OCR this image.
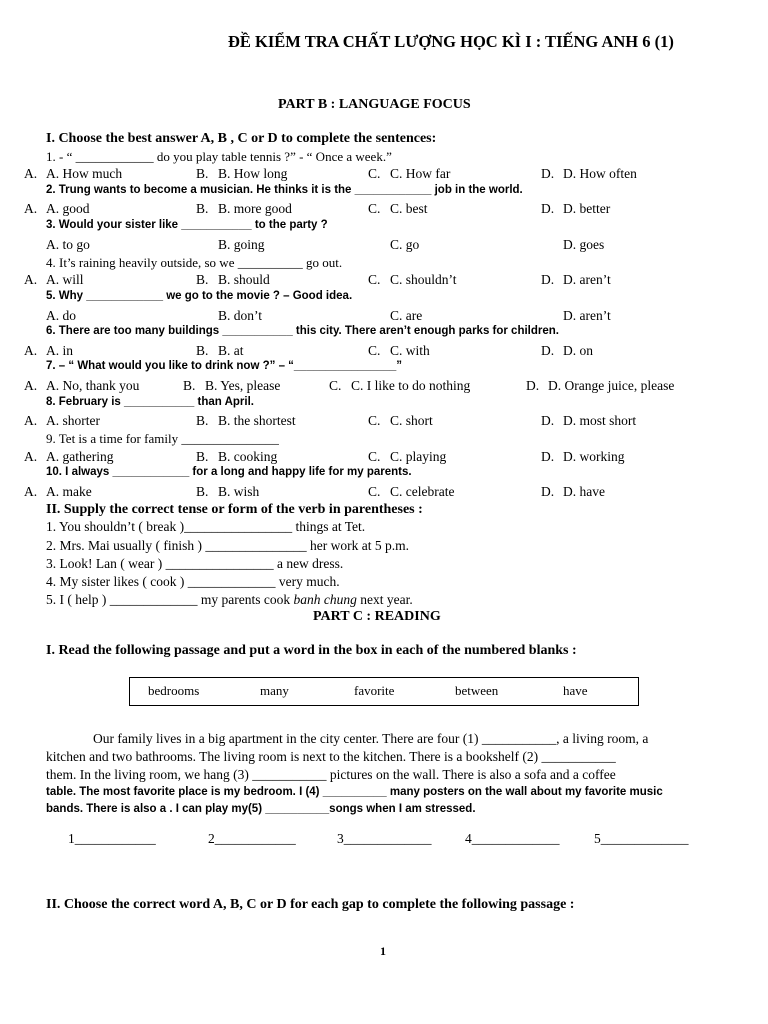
ĐỀ KIỂM TRA CHẤT LƯỢNG HỌC KÌ I : TIẾNG ANH 6 (1)
PART B : LANGUAGE FOCUS
I. Choose the best answer A, B , C or D to complete the sentences:
1. - “ ____________ do you play table tennis ?” - “ Once a week.”
A. A. How much	B. B. How long	C. C. How far	D. D. How often
2. Trung wants to become a musician. He thinks it is the ____________ job in the world.
A. A. good	B. B. more good	C. C. best	D. D. better
3. Would your sister like ___________ to the party ?
A. to go	B. going	C. go	D. goes
4. It’s raining heavily outside, so we __________ go out.
A. A. will	B. B. should	C. C. shouldn’t	D. D. aren’t
5. Why ____________ we go to the movie ? – Good idea.
A. do	B. don’t	C. are	D. aren’t
6. There are too many buildings ___________ this city. There aren’t enough parks for children.
A. A. in	B. B. at	C. C. with	D. D. on
7. – “ What would you like to drink now ?” – “________________”
A. A. No, thank you	B. B. Yes, please	C. C. I like to do nothing	D. D. Orange juice, please
8. February is ___________ than April.
A. A. shorter	B. B. the shortest	C. C. short	D. D. most short
9. Tet is a time for family _______________
A. A. gathering	B. B. cooking	C. C. playing	D. D. working
10. I always ____________ for a long and happy life for my parents.
A. A. make	B. B. wish	C. C. celebrate	D. D. have
II. Supply the correct tense or form of the verb in parentheses :
1. You shouldn’t ( break )________________ things at Tet.
2. Mrs. Mai usually ( finish ) _______________ her work at 5 p.m.
3. Look! Lan ( wear ) ________________ a new dress.
4. My sister likes ( cook ) _____________ very much.
5. I ( help ) _____________ my parents cook banh chung next year.
PART C : READING
I. Read the following passage and put a word in the box in each of the numbered blanks :
bedrooms	many	favorite	between	have
Our family lives in a big apartment in the city center. There are four (1) ___________, a living room, a
kitchen and two bathrooms. The living room is next to the kitchen. There is a bookshelf (2) ___________
them. In the living room, we hang (3) ___________ pictures on the wall. There is also a sofa and a coffee
table. The most favorite place is my bedroom. I (4) __________ many posters on the wall about my favorite music
bands. There is also a . I can play my(5) __________songs when I am stressed.
1____________	2____________	3_____________ 4_____________	5_____________
II. Choose the correct word A, B, C or D for each gap to complete the following passage :
1
